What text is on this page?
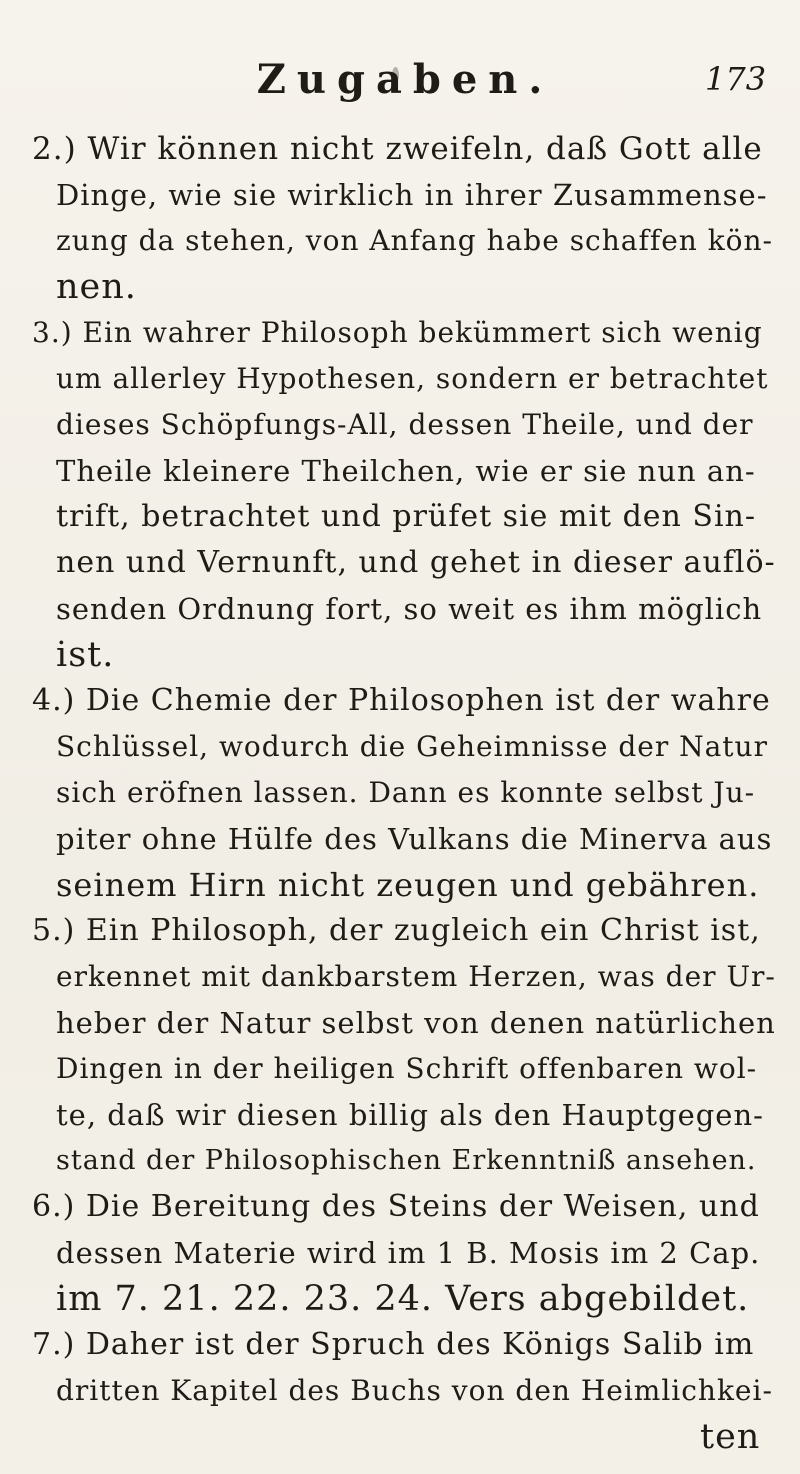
Zugaben.	173
2.) Wir können nicht zweifeln, daß Gott alle
Dinge, wie sie wirklich in ihrer Zusammense-
zung da stehen, von Anfang habe schaffen kön-
nen.
3.) Ein wahrer Philosoph bekümmert sich wenig
um allerley Hypothesen, sondern er betrachtet
dieses Schöpfungs-All, dessen Theile, und der
Theile kleinere Theilchen, wie er sie nun an-
trift, betrachtet und prüfet sie mit den Sin-
nen und Vernunft, und gehet in dieser auflö-
senden Ordnung fort, so weit es ihm möglich
ist.
4.) Die Chemie der Philosophen ist der wahre
Schlüssel, wodurch die Geheimnisse der Natur
sich eröfnen lassen. Dann es konnte selbst Ju-
piter ohne Hülfe des Vulkans die Minerva aus
seinem Hirn nicht zeugen und gebähren.
5.) Ein Philosoph, der zugleich ein Christ ist,
erkennet mit dankbarstem Herzen, was der Ur-
heber der Natur selbst von denen natürlichen
Dingen in der heiligen Schrift offenbaren wol-
te, daß wir diesen billig als den Hauptgegen-
stand der Philosophischen Erkenntniß ansehen.
6.) Die Bereitung des Steins der Weisen, und
dessen Materie wird im 1 B. Mosis im 2 Cap.
im 7. 21. 22. 23. 24. Vers abgebildet.
7.) Daher ist der Spruch des Königs Salib im
dritten Kapitel des Buchs von den Heimlichkei-
ten
